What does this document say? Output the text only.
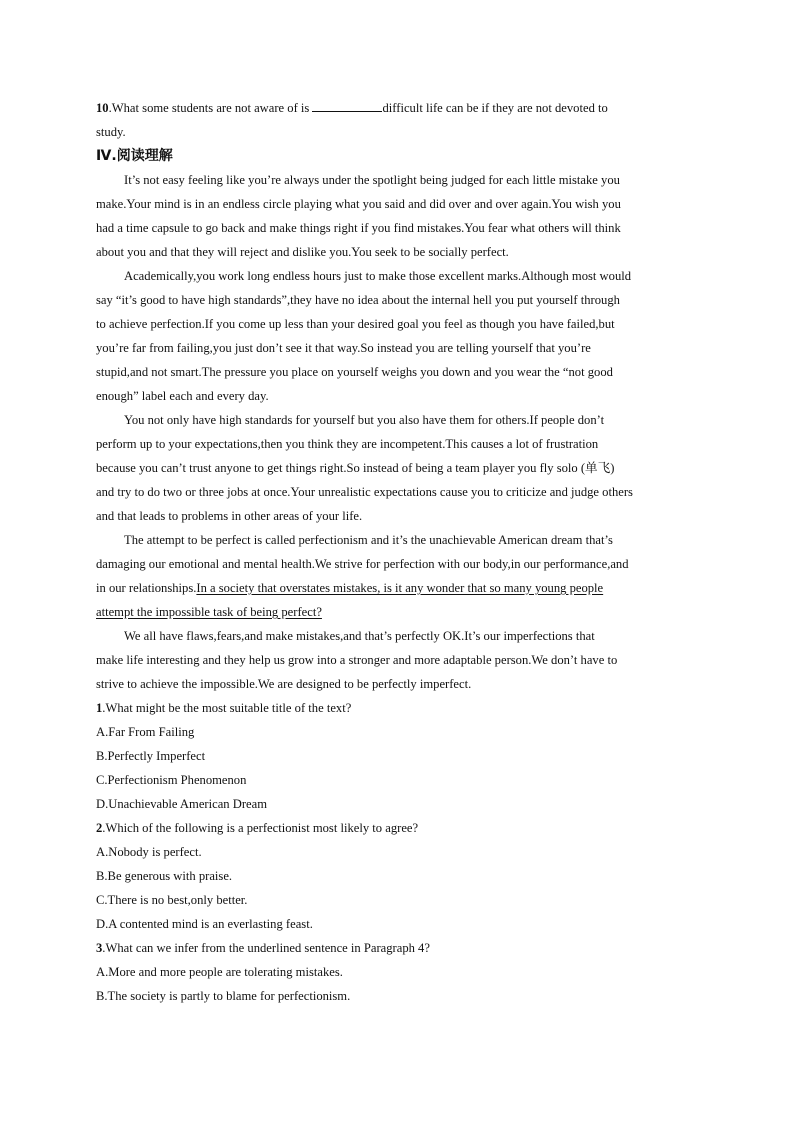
10.What some students are not aware of is	difficult life can be if they are not devoted to
study.
Ⅳ.阅读理解
It’s not easy feeling like you’re always under the spotlight being judged for each little mistake you
make.Your mind is in an endless circle playing what you said and did over and over again.You wish you
had a time capsule to go back and make things right if you find mistakes.You fear what others will think
about you and that they will reject and dislike you.You seek to be socially perfect.
Academically,you work long endless hours just to make those excellent marks.Although most would
say “it’s good to have high standards”,they have no idea about the internal hell you put yourself through
to achieve perfection.If you come up less than your desired goal you feel as though you have failed,but
you’re far from failing,you just don’t see it that way.So instead you are telling yourself that you’re
stupid,and not smart.The pressure you place on yourself weighs you down and you wear the “not good
enough” label each and every day.
You not only have high standards for yourself but you also have them for others.If people don’t
perform up to your expectations,then you think they are incompetent.This causes a lot of frustration
because you can’t trust anyone to get things right.So instead of being a team player you fly solo (单飞)
and try to do two or three jobs at once.Your unrealistic expectations cause you to criticize and judge others
and that leads to problems in other areas of your life.
The attempt to be perfect is called perfectionism and it’s the unachievable American dream that’s
damaging our emotional and mental health.We strive for perfection with our body,in our performance,and
in our relationships.In a society that overstates mistakes, is it any wonder that so many young people
attempt the impossible task of being perfect?
We all have flaws,fears,and make mistakes,and that’s perfectly OK.It’s our imperfections that
make life interesting and they help us grow into a stronger and more adaptable person.We don’t have to
strive to achieve the impossible.We are designed to be perfectly imperfect.
1.What might be the most suitable title of the text?
A.Far From Failing
B.Perfectly Imperfect
C.Perfectionism Phenomenon
D.Unachievable American Dream
2.Which of the following is a perfectionist most likely to agree?
A.Nobody is perfect.
B.Be generous with praise.
C.There is no best,only better.
D.A contented mind is an everlasting feast.
3.What can we infer from the underlined sentence in Paragraph 4?
A.More and more people are tolerating mistakes.
B.The society is partly to blame for perfectionism.
